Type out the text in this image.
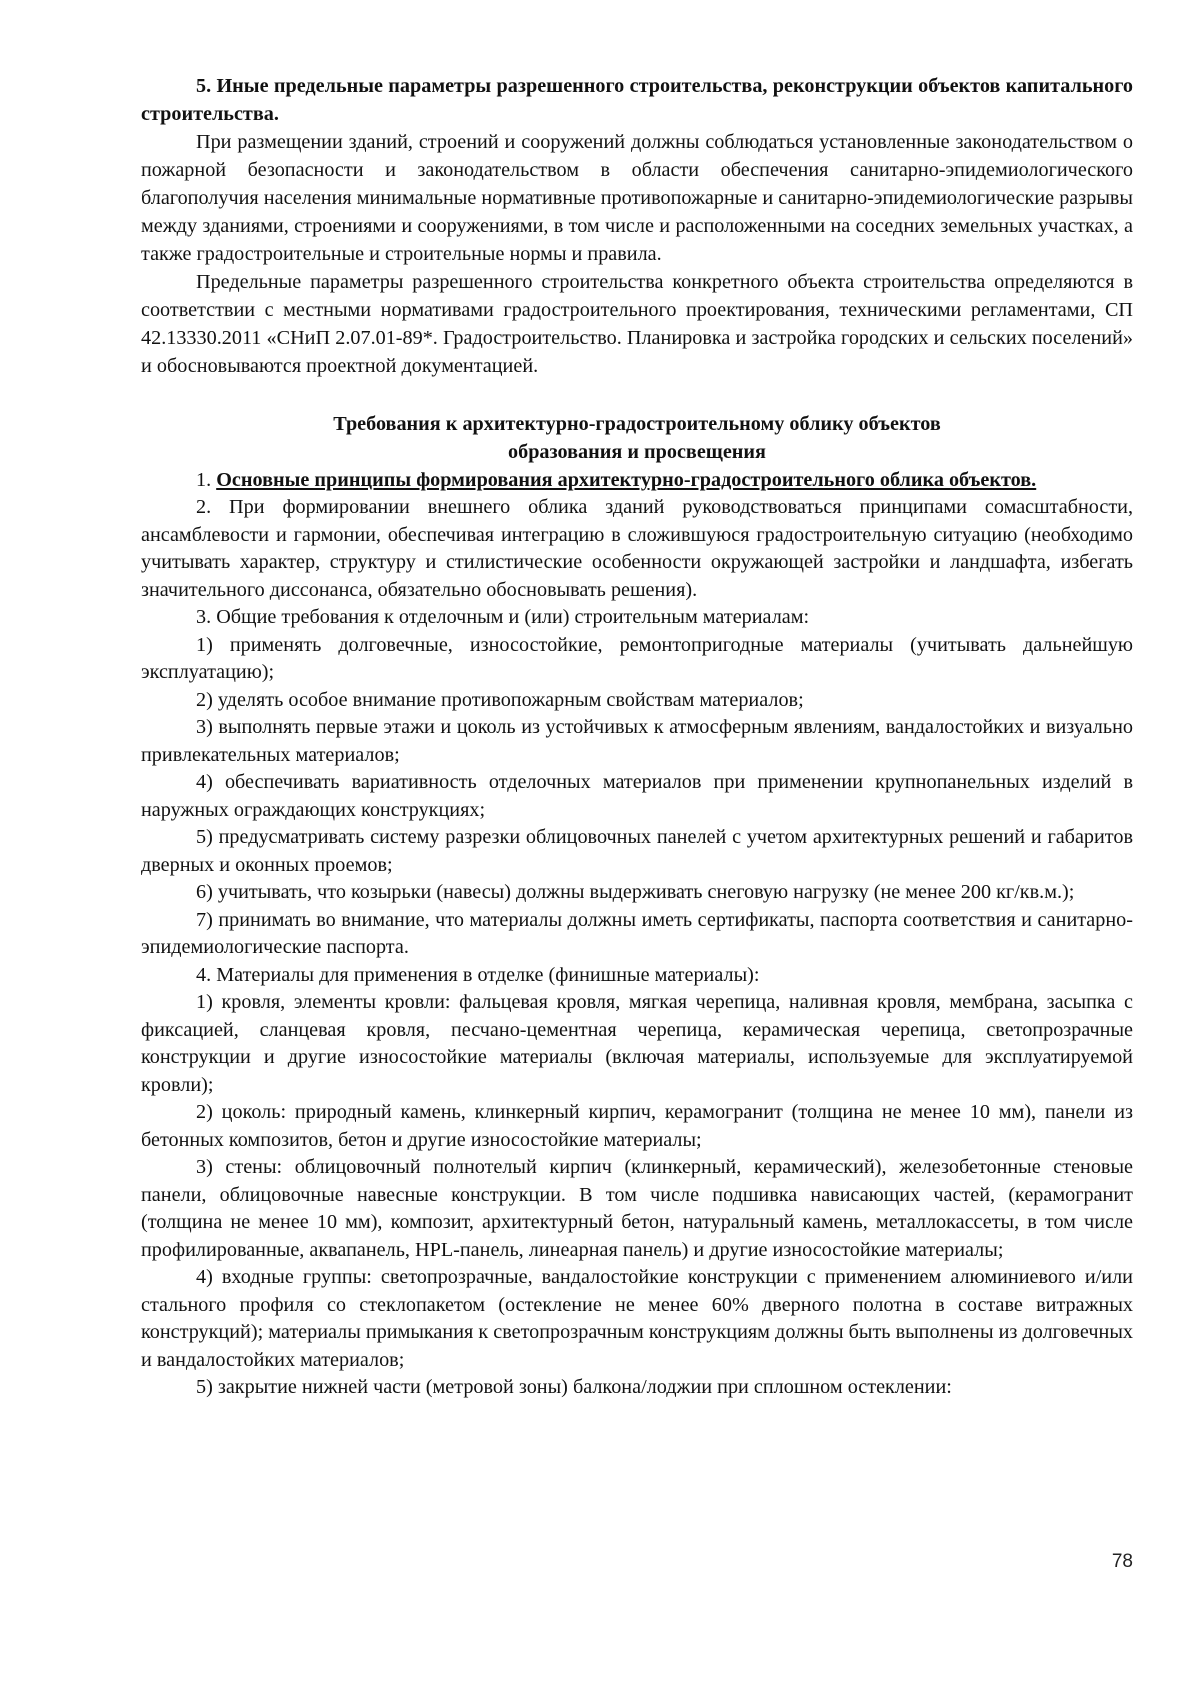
5. Иные предельные параметры разрешенного строительства, реконструкции объектов капитального строительства.

При размещении зданий, строений и сооружений должны соблюдаться установленные законодательством о пожарной безопасности и законодательством в области обеспечения санитарно-эпидемиологического благополучия населения минимальные нормативные противопожарные и санитарно-эпидемиологические разрывы между зданиями, строениями и сооружениями, в том числе и расположенными на соседних земельных участках, а также градостроительные и строительные нормы и правила.

Предельные параметры разрешенного строительства конкретного объекта строительства определяются в соответствии с местными нормативами градостроительного проектирования, техническими регламентами, СП 42.13330.2011 «СНиП 2.07.01-89*. Градостроительство. Планировка и застройка городских и сельских поселений» и обосновываются проектной документацией.

Требования к архитектурно-градостроительному облику объектов

образования и просвещения

1. Основные принципы формирования архитектурно-градостроительного облика объектов.

2. При формировании внешнего облика зданий руководствоваться принципами сомасштабности, ансамблевости и гармонии, обеспечивая интеграцию в сложившуюся градостроительную ситуацию (необходимо учитывать характер, структуру и стилистические особенности окружающей застройки и ландшафта, избегать значительного диссонанса, обязательно обосновывать решения).

3. Общие требования к отделочным и (или) строительным материалам:

1) применять долговечные, износостойкие, ремонтопригодные материалы (учитывать дальнейшую эксплуатацию);

2) уделять особое внимание противопожарным свойствам материалов;

3) выполнять первые этажи и цоколь из устойчивых к атмосферным явлениям, вандалостойких и визуально привлекательных материалов;

4) обеспечивать вариативность отделочных материалов при применении крупнопанельных изделий в наружных ограждающих конструкциях;

5) предусматривать систему разрезки облицовочных панелей с учетом архитектурных решений и габаритов дверных и оконных проемов;

6) учитывать, что козырьки (навесы) должны выдерживать снеговую нагрузку (не менее 200 кг/кв.м.);

7) принимать во внимание, что материалы должны иметь сертификаты, паспорта соответствия и санитарно-эпидемиологические паспорта.

4. Материалы для применения в отделке (финишные материалы):

1) кровля, элементы кровли: фальцевая кровля, мягкая черепица, наливная кровля, мембрана, засыпка с фиксацией, сланцевая кровля, песчано-цементная черепица, керамическая черепица, светопрозрачные конструкции и другие износостойкие материалы (включая материалы, используемые для эксплуатируемой кровли);

2) цоколь: природный камень, клинкерный кирпич, керамогранит (толщина не менее 10 мм), панели из бетонных композитов, бетон и другие износостойкие материалы;

3) стены: облицовочный полнотелый кирпич (клинкерный, керамический), железобетонные стеновые панели, облицовочные навесные конструкции. В том числе подшивка нависающих частей, (керамогранит (толщина не менее 10 мм), композит, архитектурный бетон, натуральный камень, металлокассеты, в том числе профилированные, аквапанель, HPL-панель, линеарная панель) и другие износостойкие материалы;

4) входные группы: светопрозрачные, вандалостойкие конструкции с применением алюминиевого и/или стального профиля со стеклопакетом (остекление не менее 60% дверного полотна в составе витражных конструкций); материалы примыкания к светопрозрачным конструкциям должны быть выполнены из долговечных и вандалостойких материалов;

5) закрытие нижней части (метровой зоны) балкона/лоджии при сплошном остеклении:

78
